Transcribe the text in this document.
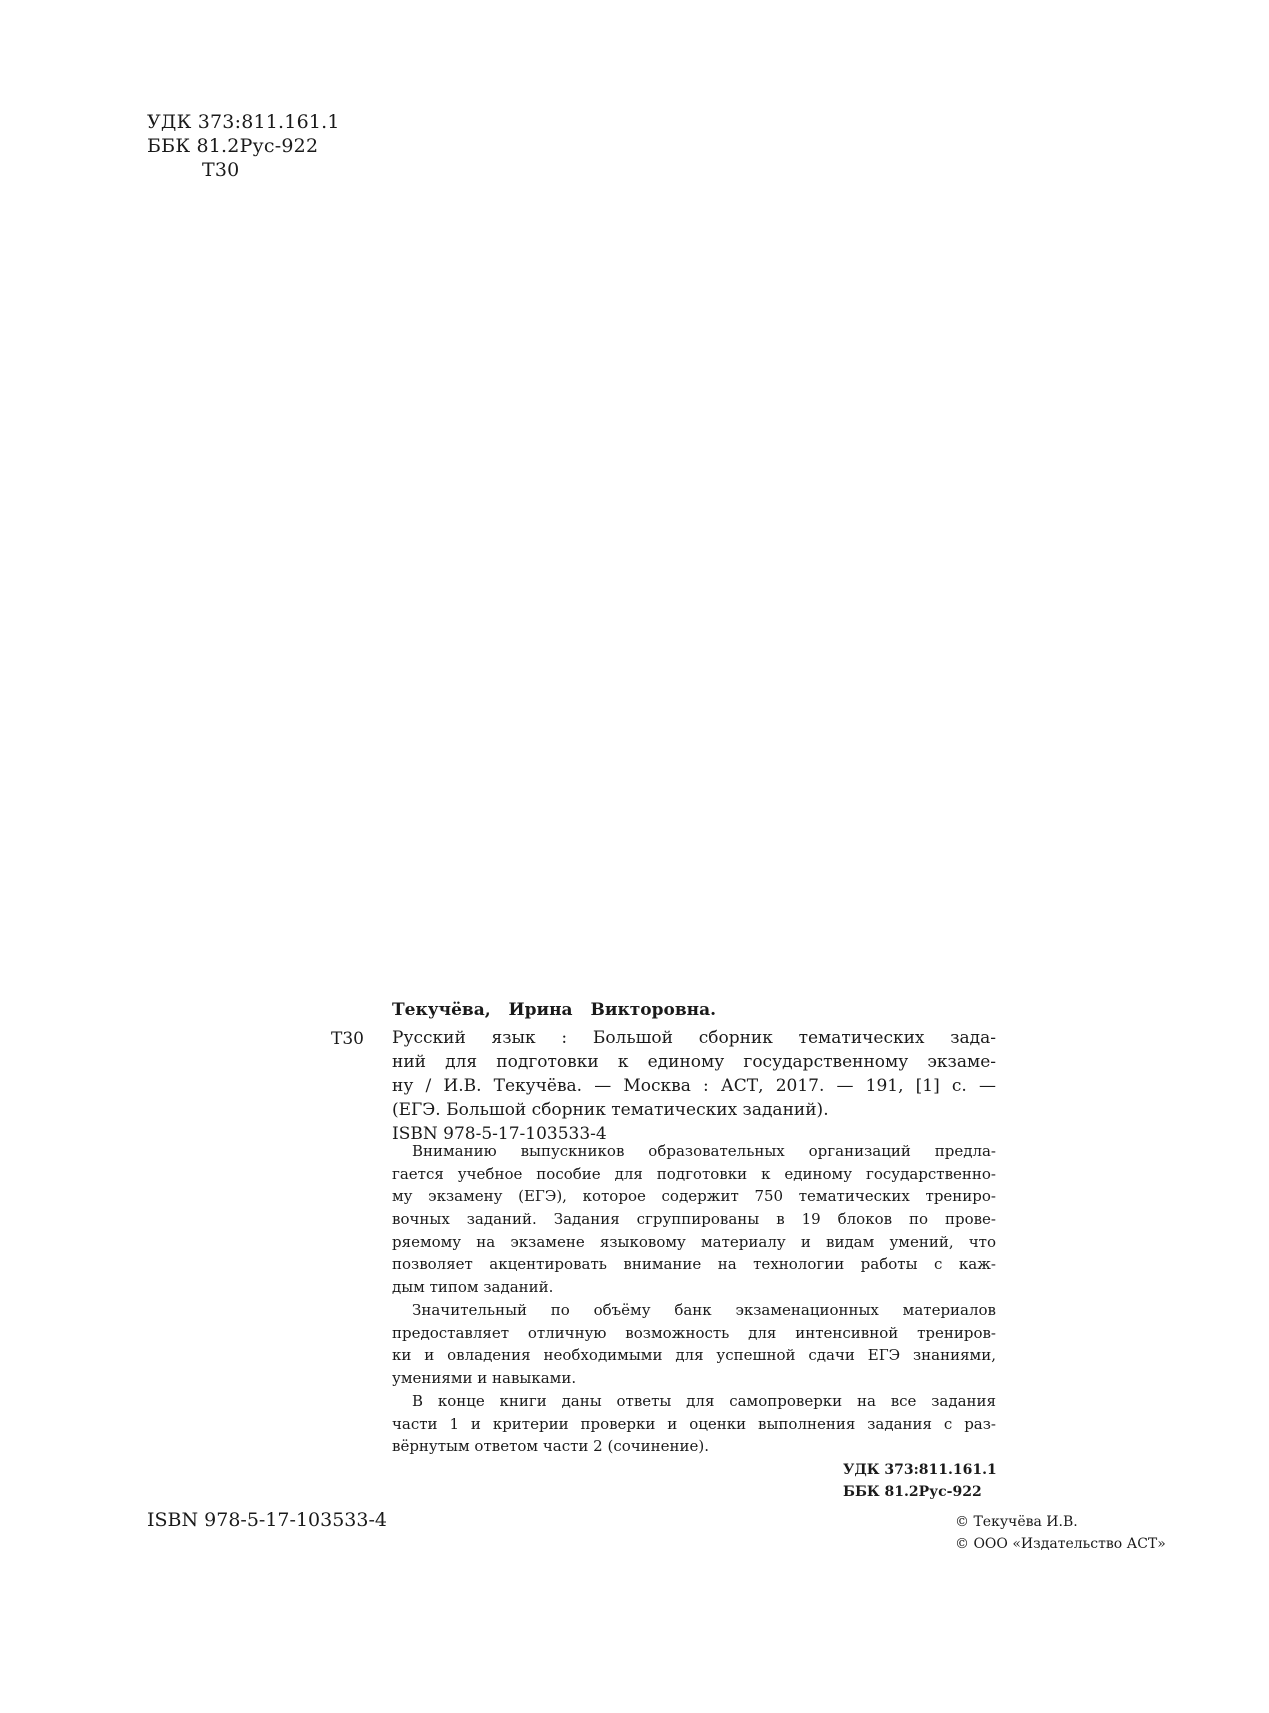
УДК 373:811.161.1
ББК 81.2Рус-922
Т30
Текучёва, Ирина Викторовна.
Т30 Русский язык : Большой сборник тематических зада-
ний для подготовки к единому государственному экзаме-
ну / И.В. Текучёва. — Москва : АСТ, 2017. — 191, [1] с. —
(ЕГЭ. Большой сборник тематических заданий).
ISBN 978-5-17-103533-4
Вниманию выпускников образовательных организаций предла-
гается учебное пособие для подготовки к единому государственно-
му экзамену (ЕГЭ), которое содержит 750 тематических трениро-
вочных заданий. Задания сгруппированы в 19 блоков по прове-
ряемому на экзамене языковому материалу и видам умений, что
позволяет акцентировать внимание на технологии работы с каж-
дым типом заданий.
Значительный по объёму банк экзаменационных материалов
предоставляет отличную возможность для интенсивной трениров-
ки и овладения необходимыми для успешной сдачи ЕГЭ знаниями,
умениями и навыками.
В конце книги даны ответы для самопроверки на все задания
части 1 и критерии проверки и оценки выполнения задания с раз-
вёрнутым ответом части 2 (сочинение).
УДК 373:811.161.1
ББК 81.2Рус-922
ISBN 978-5-17-103533-4	© Текучёва И.В.
© ООО «Издательство АСТ»
